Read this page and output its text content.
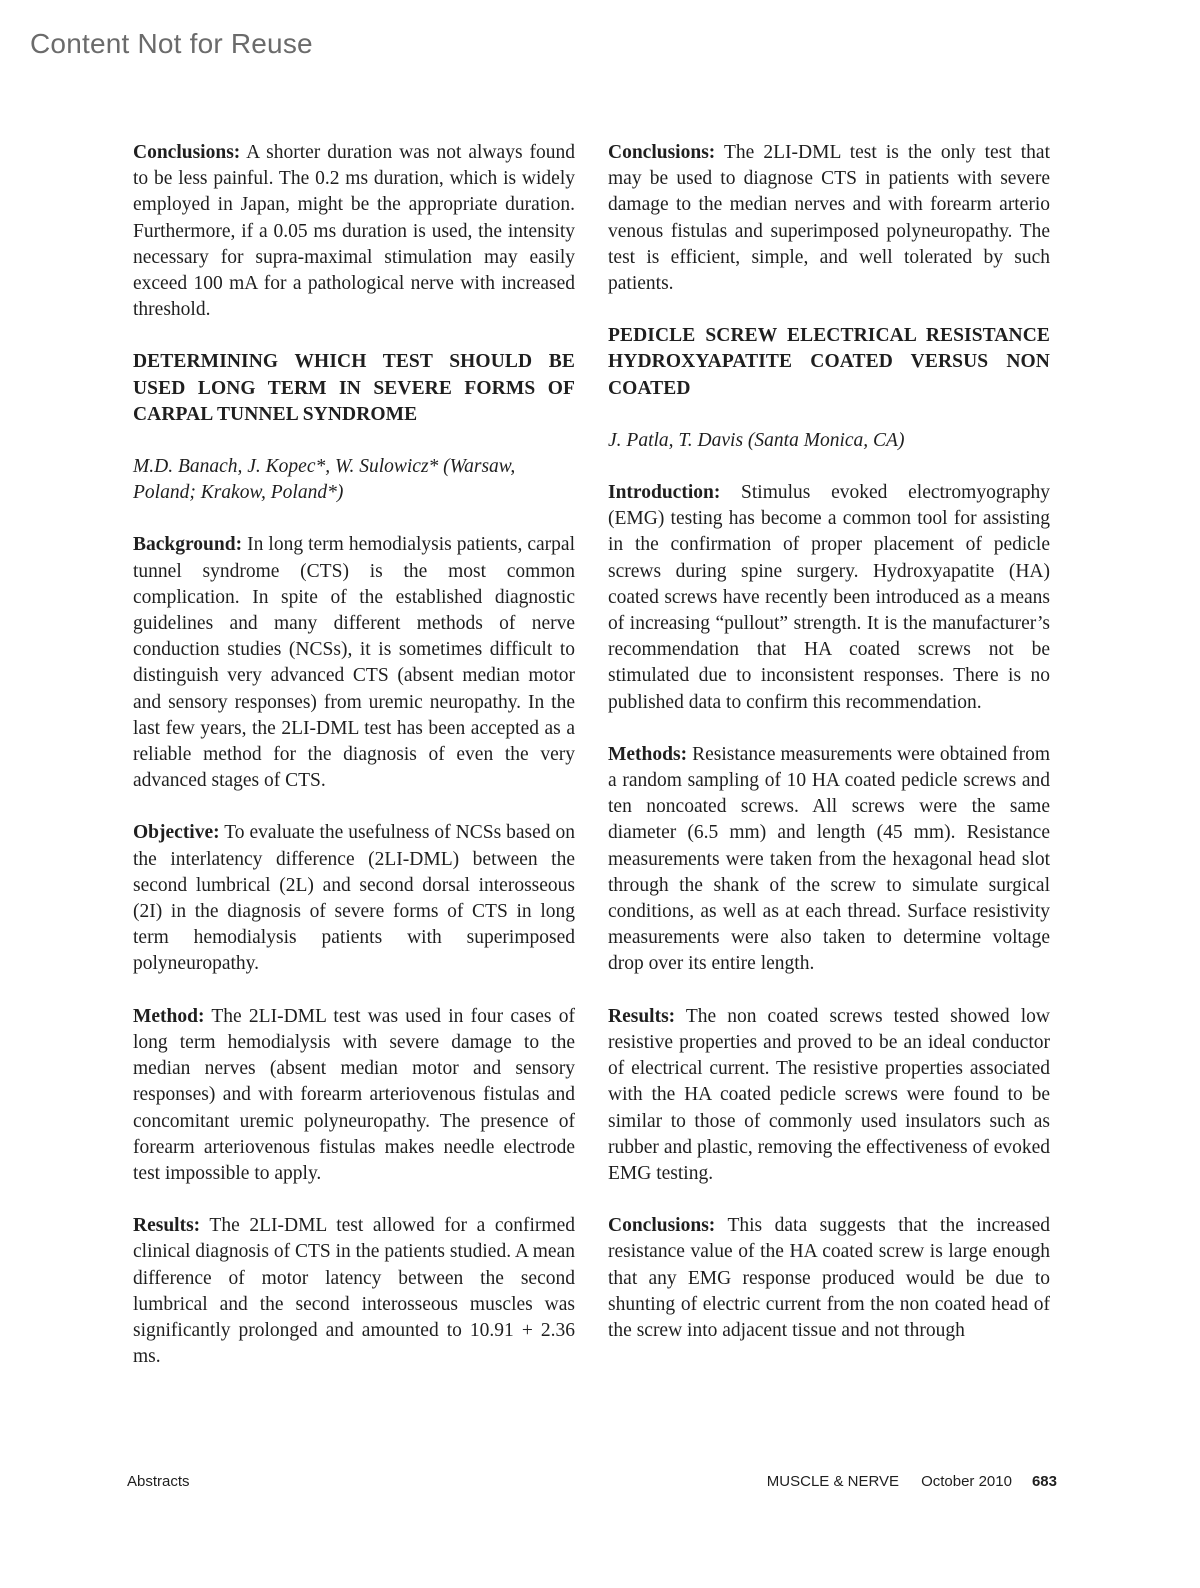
Content Not for Reuse

Conclusions: A shorter duration was not always found to be less painful. The 0.2 ms duration, which is widely employed in Japan, might be the appropriate duration. Furthermore, if a 0.05 ms duration is used, the intensity necessary for supra-maximal stimulation may easily exceed 100 mA for a pathological nerve with increased threshold.

DETERMINING WHICH TEST SHOULD BE USED LONG TERM IN SEVERE FORMS OF CARPAL TUNNEL SYNDROME

M.D. Banach, J. Kopec*, W. Sulowicz* (Warsaw, Poland; Krakow, Poland*)

Background: In long term hemodialysis patients, carpal tunnel syndrome (CTS) is the most common complication. In spite of the established diagnostic guidelines and many different methods of nerve conduction studies (NCSs), it is sometimes difficult to distinguish very advanced CTS (absent median motor and sensory responses) from uremic neuropathy. In the last few years, the 2LI-DML test has been accepted as a reliable method for the diagnosis of even the very advanced stages of CTS.

Objective: To evaluate the usefulness of NCSs based on the interlatency difference (2LI-DML) between the second lumbrical (2L) and second dorsal interosseous (2I) in the diagnosis of severe forms of CTS in long term hemodialysis patients with superimposed polyneuropathy.

Method: The 2LI-DML test was used in four cases of long term hemodialysis with severe damage to the median nerves (absent median motor and sensory responses) and with forearm arteriovenous fistulas and concomitant uremic polyneuropathy. The presence of forearm arteriovenous fistulas makes needle electrode test impossible to apply.

Results: The 2LI-DML test allowed for a confirmed clinical diagnosis of CTS in the patients studied. A mean difference of motor latency between the second lumbrical and the second interosseous muscles was significantly prolonged and amounted to 10.91 + 2.36 ms.

Conclusions: The 2LI-DML test is the only test that may be used to diagnose CTS in patients with severe damage to the median nerves and with forearm arterio venous fistulas and superimposed polyneuropathy. The test is efficient, simple, and well tolerated by such patients.

PEDICLE SCREW ELECTRICAL RESISTANCE HYDROXYAPATITE COATED VERSUS NON COATED

J. Patla, T. Davis (Santa Monica, CA)

Introduction: Stimulus evoked electromyography (EMG) testing has become a common tool for assisting in the confirmation of proper placement of pedicle screws during spine surgery. Hydroxyapatite (HA) coated screws have recently been introduced as a means of increasing “pullout” strength. It is the manufacturer’s recommendation that HA coated screws not be stimulated due to inconsistent responses. There is no published data to confirm this recommendation.

Methods: Resistance measurements were obtained from a random sampling of 10 HA coated pedicle screws and ten noncoated screws. All screws were the same diameter (6.5 mm) and length (45 mm). Resistance measurements were taken from the hexagonal head slot through the shank of the screw to simulate surgical conditions, as well as at each thread. Surface resistivity measurements were also taken to determine voltage drop over its entire length.

Results: The non coated screws tested showed low resistive properties and proved to be an ideal conductor of electrical current. The resistive properties associated with the HA coated pedicle screws were found to be similar to those of commonly used insulators such as rubber and plastic, removing the effectiveness of evoked EMG testing.

Conclusions: This data suggests that the increased resistance value of the HA coated screw is large enough that any EMG response produced would be due to shunting of electric current from the non coated head of the screw into adjacent tissue and not through

Abstracts	MUSCLE & NERVE October 2010 683
